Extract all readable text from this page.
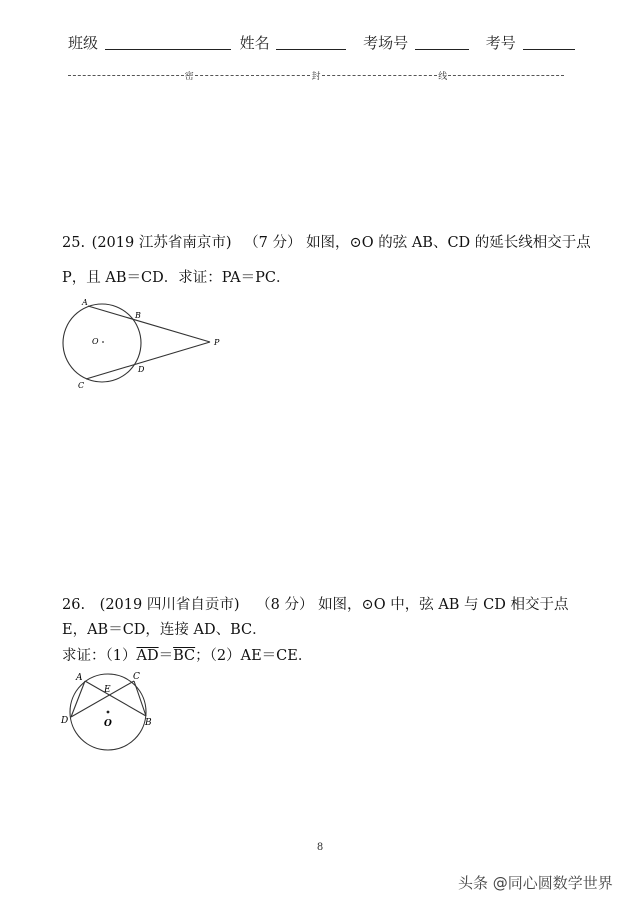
班级	姓名	考场号	考号
密	封	线
25. (2019 江苏省南京市) （7 分） 如图，⊙O 的弦 AB、CD 的延长线相交于点
P，且 AB＝CD．求证：PA＝PC．
A
B
O	P
D
C
26. (2019 四川省自贡市) （8 分） 如图，⊙O 中，弦 AB 与 CD 相交于点
E，AB＝CD，连接 AD、BC．
求证：$(1)\overline{AD}=\overline{BC}$；（2）AE＝CE．
A	C
E
O
D	B
8
头条 @同心圆数学世界
